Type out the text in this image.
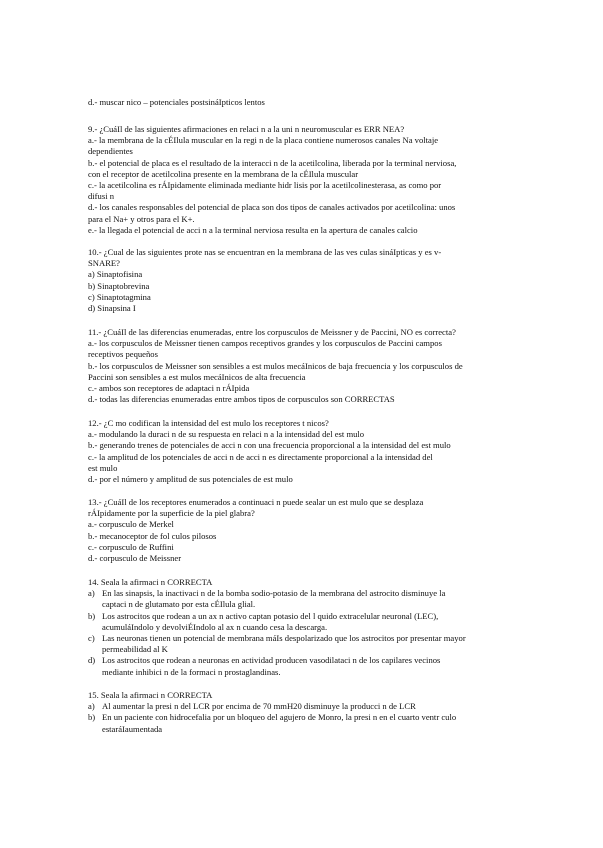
d.- muscar nico – potenciales postsináIpticos lentos
9.- ¿CuáIl de las siguientes afirmaciones en relaci n a la uni n neuromuscular es ERR NEA?
a.- la membrana de la cÉIlula muscular en la regi n de la placa contiene numerosos canales Na voltaje
dependientes
b.- el potencial de placa es el resultado de la interacci n de la acetilcolina, liberada por la terminal nerviosa,
con el receptor de acetilcolina presente en la membrana de la cÉIlula muscular
c.- la acetilcolina es rÁIpidamente eliminada mediante hidr lisis por la acetilcolinesterasa, as como por
difusi n
d.- los canales responsables del potencial de placa son dos tipos de canales activados por acetilcolina: unos
para el Na+ y otros para el K+.
e.- la llegada el potencial de acci n a la terminal nerviosa resulta en la apertura de canales calcio
10.- ¿Cual de las siguientes prote nas se encuentran en la membrana de las ves culas sináIpticas y es v-
SNARE?
a) Sinaptofisina
b) Sinaptobrevina
c) Sinaptotagmina
d) Sinapsina I
11.- ¿CuáIl de las diferencias enumeradas, entre los corpusculos de Meissner y de Paccini, NO es correcta?
a.- los corpusculos de Meissner tienen campos receptivos grandes y los corpusculos de Paccini campos
receptivos pequeños
b.- los corpusculos de Meissner son sensibles a est mulos mecáInicos de baja frecuencia y los corpusculos de
Paccini son sensibles a est mulos mecáInicos de alta frecuencia
c.- ambos son receptores de adaptaci n rÁIpida
d.- todas las diferencias enumeradas entre ambos tipos de corpusculos son CORRECTAS
12.- ¿C mo codifican la intensidad del est mulo los receptores t nicos?
a.- modulando la duraci n de su respuesta en relaci n a la intensidad del est mulo
b.- generando trenes de potenciales de acci n con una frecuencia proporcional a la intensidad del est mulo
c.- la amplitud de los potenciales de acci n de acci n es directamente proporcional a la intensidad del
est mulo
d.- por el número y amplitud de sus potenciales de est mulo
13.- ¿CuáIl de los receptores enumerados a continuaci n puede sealar un est mulo que se desplaza
rÁIpidamente por la superficie de la piel glabra?
a.- corpusculo de Merkel
b.- mecanoceptor de fol culos pilosos
c.- corpusculo de Ruffini
d.- corpusculo de Meissner
14. Seala la afirmaci n CORRECTA
a) En las sinapsis, la inactivaci n de la bomba sodio-potasio de la membrana del astrocito disminuye la
captaci n de glutamato por esta cÉIlula glial.
b) Los astrocitos que rodean a un ax n activo captan potasio del l quido extracelular neuronal (LEC),
acumuláIndolo y devolviÉIndolo al ax n cuando cesa la descarga.
c) Las neuronas tienen un potencial de membrana máIs despolarizado que los astrocitos por presentar mayor
permeabilidad al K
d) Los astrocitos que rodean a neuronas en actividad producen vasodilataci n de los capilares vecinos
mediante inhibici n de la formaci n prostaglandinas.
15. Seala la afirmaci n CORRECTA
a) Al aumentar la presi n del LCR por encima de 70 mmH20 disminuye la producci n de LCR
b) En un paciente con hidrocefalia por un bloqueo del agujero de Monro, la presi n en el cuarto ventr culo
estaráIaumentada
